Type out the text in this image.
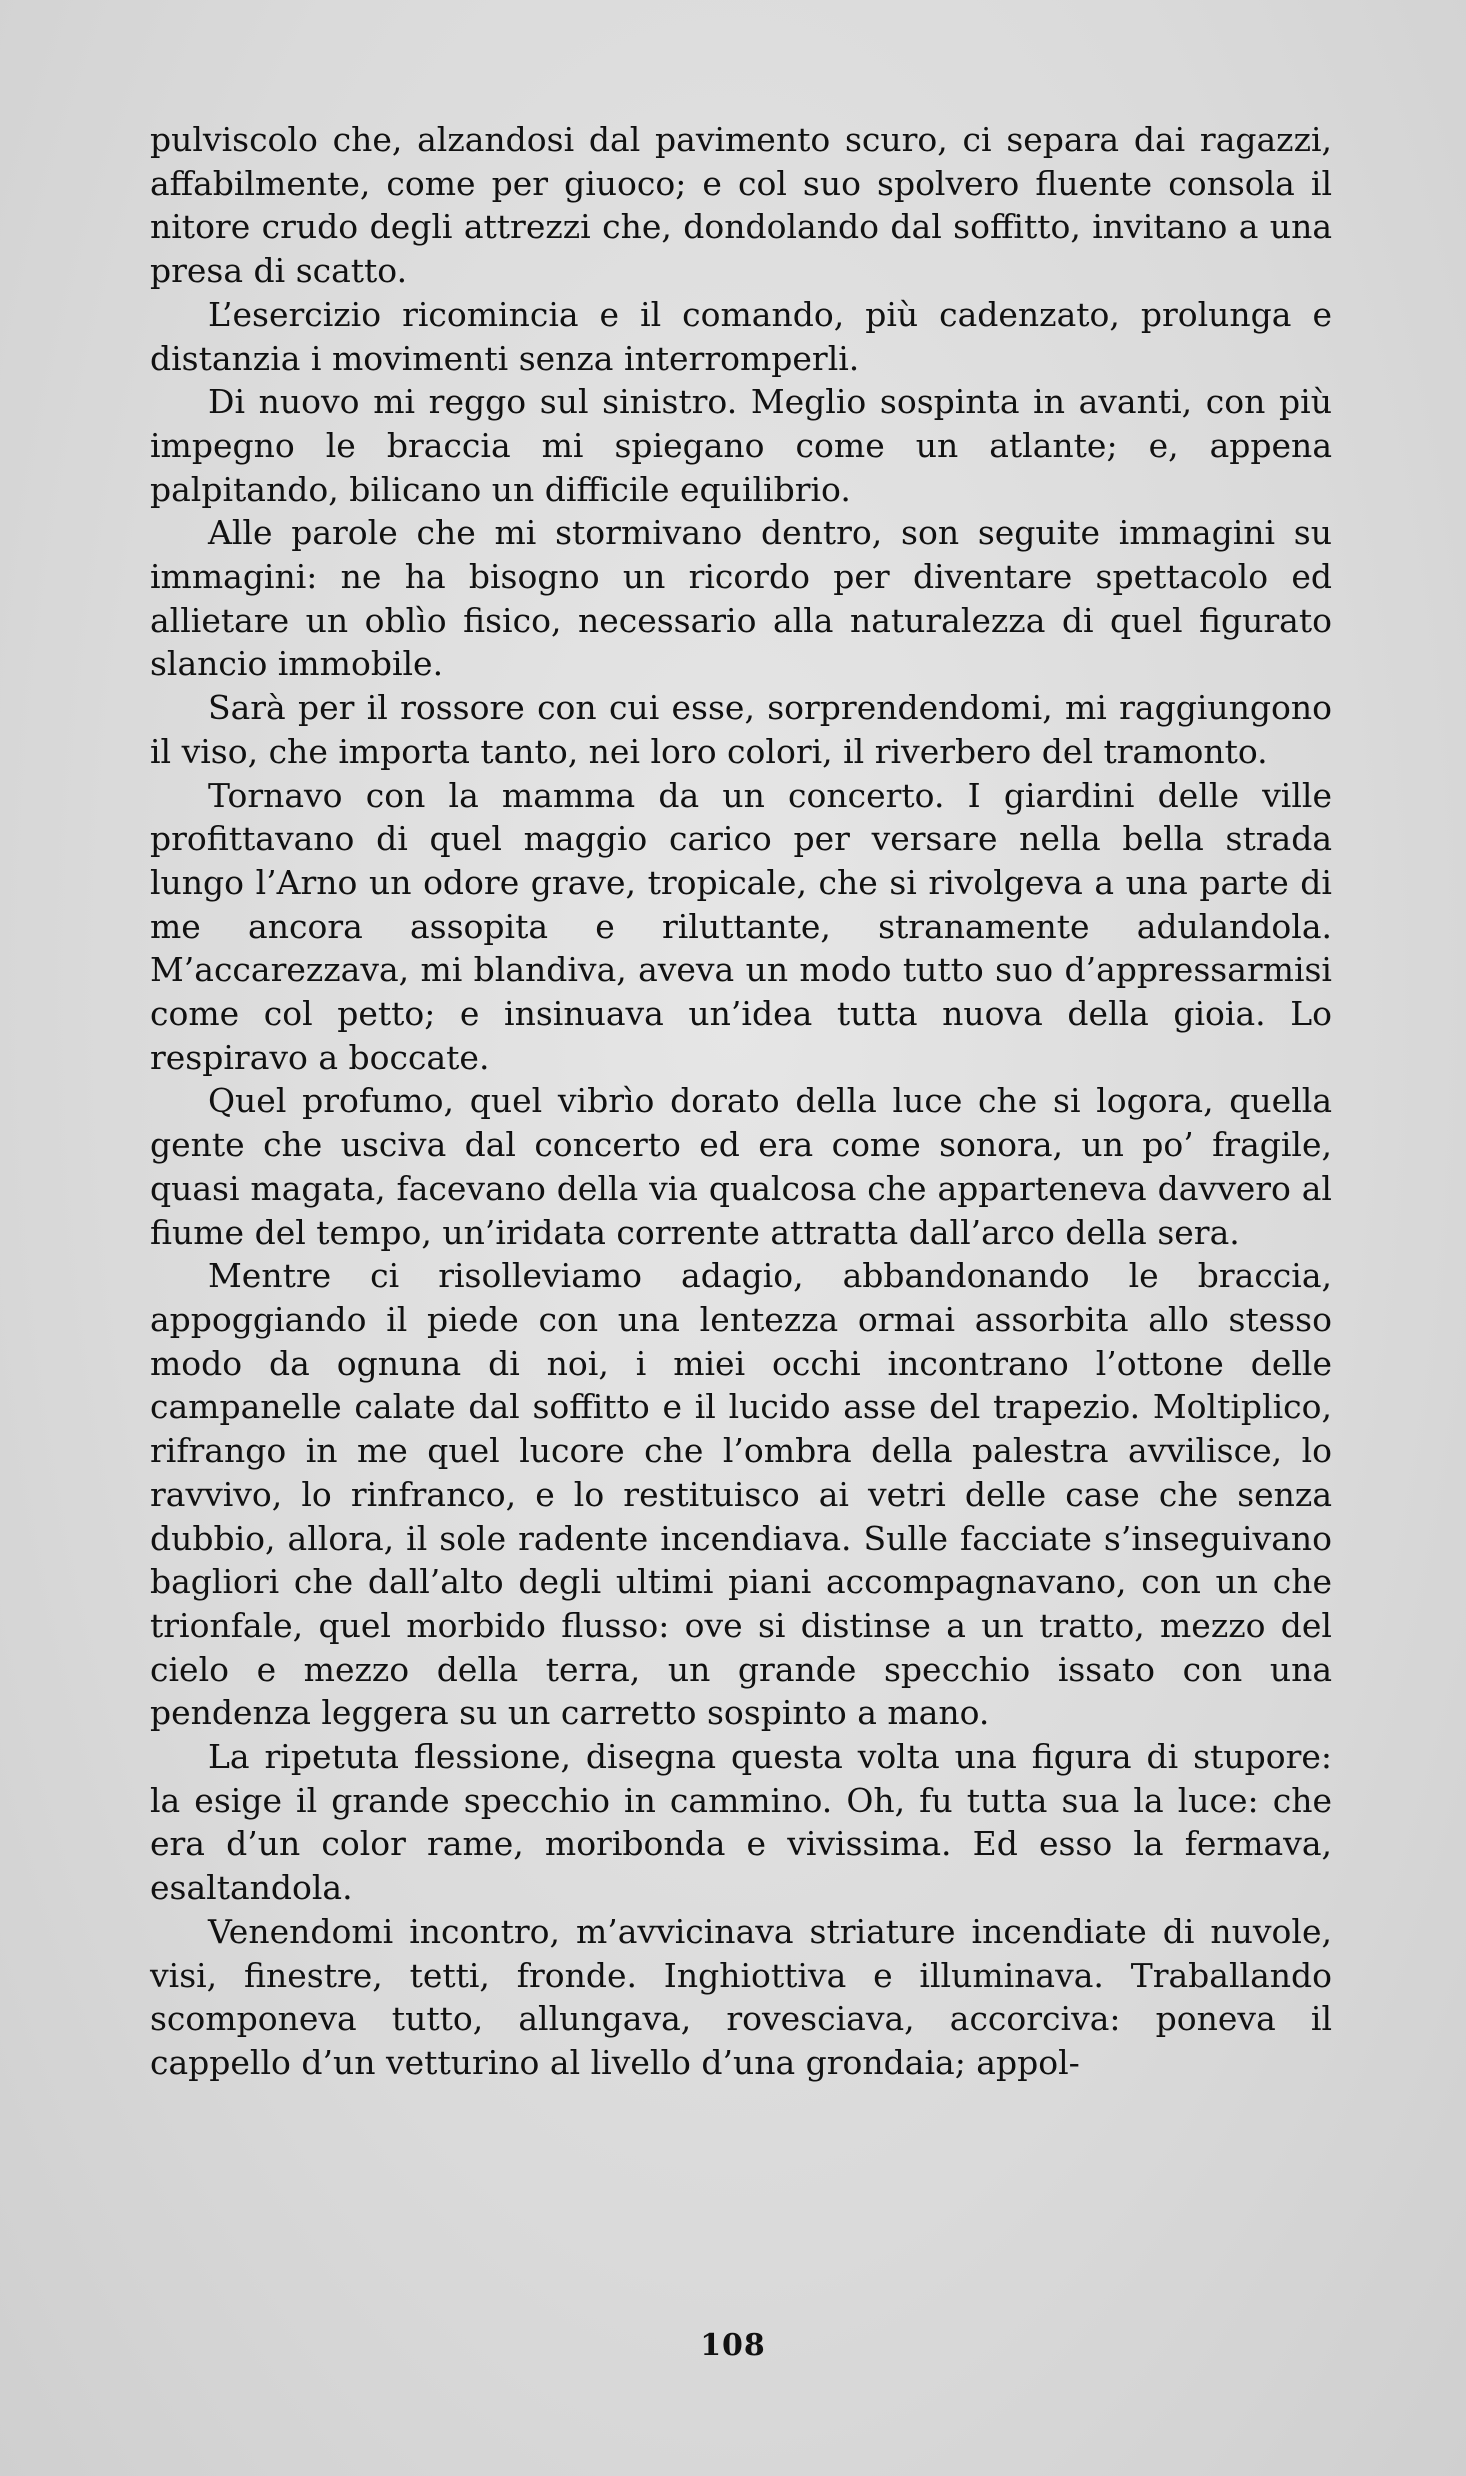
pulviscolo che, alzandosi dal pavimento scuro, ci separa dai ragazzi, affabilmente, come per giuoco; e col suo spolvero fluente consola il nitore crudo degli attrezzi che, dondolando dal soffitto, invitano a una presa di scatto.

L’esercizio ricomincia e il comando, più cadenzato, prolunga e distanzia i movimenti senza interromperli.

Di nuovo mi reggo sul sinistro. Meglio sospinta in avanti, con più impegno le braccia mi spiegano come un atlante; e, appena palpitando, bilicano un difficile equilibrio.

Alle parole che mi stormivano dentro, son seguite immagini su immagini: ne ha bisogno un ricordo per diventare spettacolo ed allietare un oblìo fisico, necessario alla naturalezza di quel figurato slancio immobile.

Sarà per il rossore con cui esse, sorprendendomi, mi raggiungono il viso, che importa tanto, nei loro colori, il riverbero del tramonto.

Tornavo con la mamma da un concerto. I giardini delle ville profittavano di quel maggio carico per versare nella bella strada lungo l’Arno un odore grave, tropicale, che si rivolgeva a una parte di me ancora assopita e riluttante, stranamente adulandola. M’accarezzava, mi blandiva, aveva un modo tutto suo d’appressarmisi come col petto; e insinuava un’idea tutta nuova della gioia. Lo respiravo a boccate.

Quel profumo, quel vibrìo dorato della luce che si logora, quella gente che usciva dal concerto ed era come sonora, un po’ fragile, quasi magata, facevano della via qualcosa che apparteneva davvero al fiume del tempo, un’iridata corrente attratta dall’arco della sera.

Mentre ci risolleviamo adagio, abbandonando le braccia, appoggiando il piede con una lentezza ormai assorbita allo stesso modo da ognuna di noi, i miei occhi incontrano l’ottone delle campanelle calate dal soffitto e il lucido asse del trapezio. Moltiplico, rifrango in me quel lucore che l’ombra della palestra avvilisce, lo ravvivo, lo rinfranco, e lo restituisco ai vetri delle case che senza dubbio, allora, il sole radente incendiava. Sulle facciate s’inseguivano bagliori che dall’alto degli ultimi piani accompagnavano, con un che trionfale, quel morbido flusso: ove si distinse a un tratto, mezzo del cielo e mezzo della terra, un grande specchio issato con una pendenza leggera su un carretto sospinto a mano.

La ripetuta flessione, disegna questa volta una figura di stupore: la esige il grande specchio in cammino. Oh, fu tutta sua la luce: che era d’un color rame, moribonda e vivissima. Ed esso la fermava, esaltandola.

Venendomi incontro, m’avvicinava striature incendiate di nuvole, visi, finestre, tetti, fronde. Inghiottiva e illuminava. Traballando scomponeva tutto, allungava, rovesciava, accorciva: poneva il cappello d’un vetturino al livello d’una grondaia; appol-

108
